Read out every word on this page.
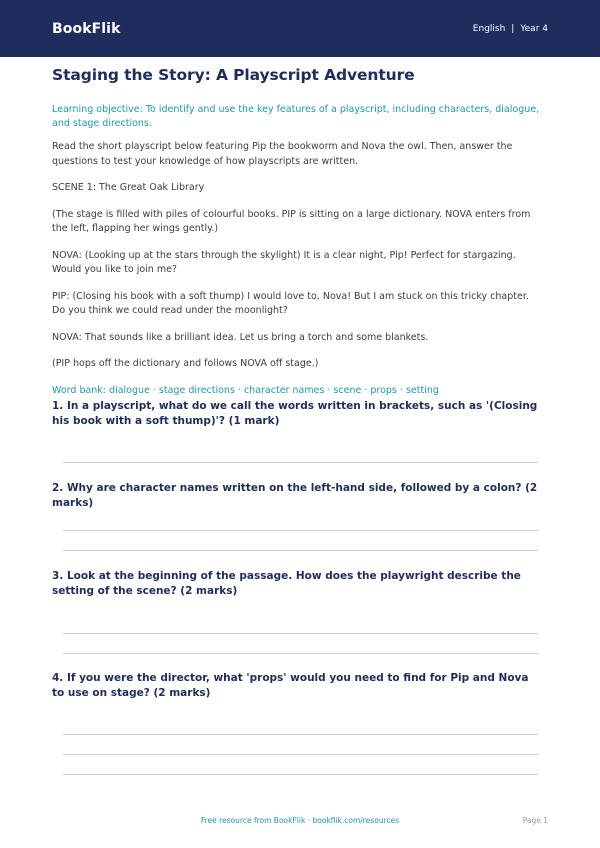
BookFlik	English | Year 4
Staging the Story: A Playscript Adventure

Learning objective: To identify and use the key features of a playscript, including characters, dialogue, and stage directions.

Read the short playscript below featuring Pip the bookworm and Nova the owl. Then, answer the questions to test your knowledge of how playscripts are written.

SCENE 1: The Great Oak Library

(The stage is filled with piles of colourful books. PIP is sitting on a large dictionary. NOVA enters from the left, flapping her wings gently.)

NOVA: (Looking up at the stars through the skylight) It is a clear night, Pip! Perfect for stargazing. Would you like to join me?

PIP: (Closing his book with a soft thump) I would love to, Nova! But I am stuck on this tricky chapter. Do you think we could read under the moonlight?

NOVA: That sounds like a brilliant idea. Let us bring a torch and some blankets.

(PIP hops off the dictionary and follows NOVA off stage.)

Word bank: dialogue · stage directions · character names · scene · props · setting

1. In a playscript, what do we call the words written in brackets, such as '(Closing his book with a soft thump)'? (1 mark)

2. Why are character names written on the left-hand side, followed by a colon? (2 marks)

3. Look at the beginning of the passage. How does the playwright describe the setting of the scene? (2 marks)

4. If you were the director, what 'props' would you need to find for Pip and Nova to use on stage? (2 marks)

Free resource from BookFlik · bookflik.com/resources	Page 1
